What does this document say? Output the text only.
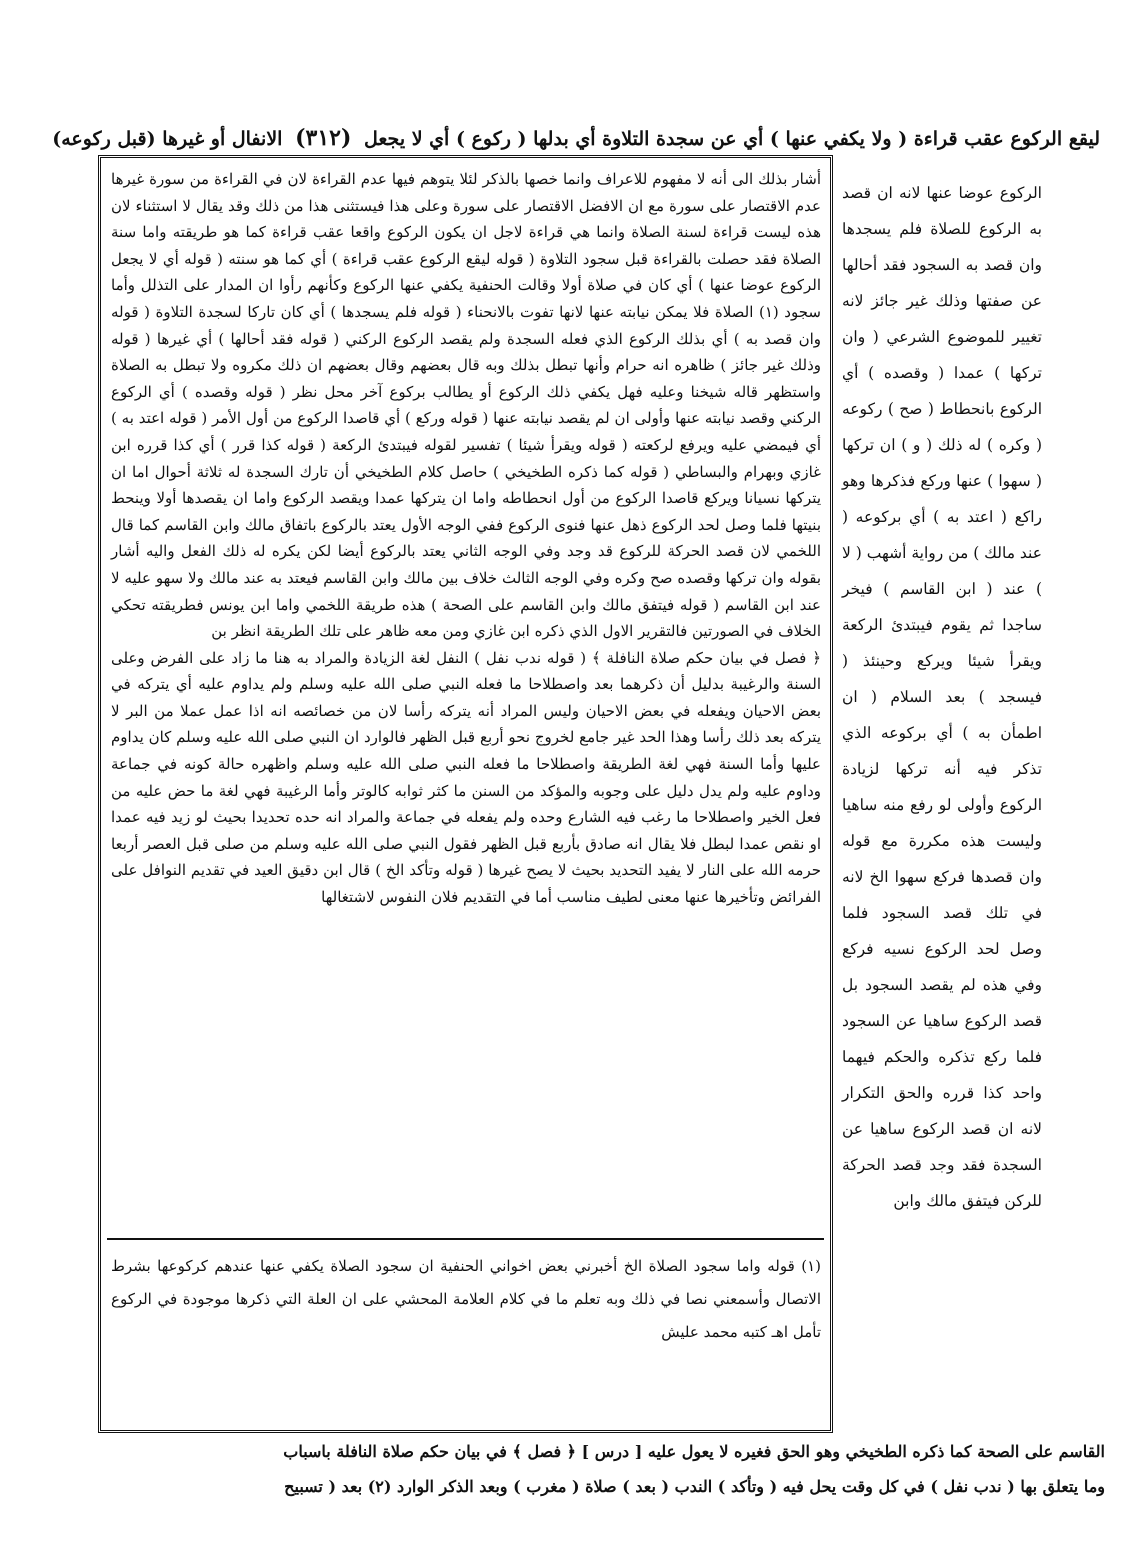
ليقع الركوع عقب قراءة ( ولا يكفي عنها ) أي عن سجدة التلاوة أي بدلها ( ركوع ) أي لا يجعل (٣١٢) الانفال أو غيرها (قبل ركوعه)
الركوع عوضا عنها لانه ان قصد به الركوع للصلاة فلم يسجدها وان قصد به السجود فقد أحالها عن صفتها وذلك غير جائز لانه تغيير للموضوع الشرعي ( وان تركها ) عمدا ( وقصده ) أي الركوع بانحطاط ( صح ) ركوعه ( وكره ) له ذلك ( و ) ان تركها ( سهوا ) عنها وركع فذكرها وهو راكع ( اعتد به ) أي بركوعه ( عند مالك ) من رواية أشهب ( لا ) عند ( ابن القاسم ) فيخر ساجدا ثم يقوم فيبتدئ الركعة ويقرأ شيئا ويركع وحينئذ ( فيسجد ) بعد السلام ( ان اطمأن به ) أي بركوعه الذي تذكر فيه أنه تركها لزيادة الركوع وأولى لو رفع منه ساهيا وليست هذه مكررة مع قوله وان قصدها فركع سهوا الخ لانه في تلك قصد السجود فلما وصل لحد الركوع نسيه فركع وفي هذه لم يقصد السجود بل قصد الركوع ساهيا عن السجود فلما ركع تذكره والحكم فيهما واحد كذا قرره والحق التكرار لانه ان قصد الركوع ساهيا عن السجدة فقد وجد قصد الحركة للركن فيتفق مالك وابن

أشار بذلك الى أنه لا مفهوم للاعراف وانما خصها بالذكر لئلا يتوهم فيها عدم القراءة لان في القراءة من سورة غيرها عدم الاقتصار على سورة مع ان الافضل الاقتصار على سورة وعلى هذا فيستثنى هذا من ذلك وقد يقال لا استثناء لان هذه ليست قراءة لسنة الصلاة وانما هي قراءة لاجل ان يكون الركوع واقعا عقب قراءة كما هو طريقته واما سنة الصلاة فقد حصلت بالقراءة قبل سجود التلاوة ( قوله ليقع الركوع عقب قراءة ) أي كما هو سنته ( قوله أي لا يجعل الركوع عوضا عنها ) أي كان في صلاة أولا وقالت الحنفية يكفي عنها الركوع وكأنهم رأوا ان المدار على التذلل وأما سجود (١) الصلاة فلا يمكن نيابته عنها لانها تفوت بالانحناء ( قوله فلم يسجدها ) أي كان تاركا لسجدة التلاوة ( قوله وان قصد به ) أي بذلك الركوع الذي فعله السجدة ولم يقصد الركوع الركني ( قوله فقد أحالها ) أي غيرها ( قوله وذلك غير جائز ) ظاهره انه حرام وأنها تبطل بذلك وبه قال بعضهم وقال بعضهم ان ذلك مكروه ولا تبطل به الصلاة واستظهر قاله شيخنا وعليه فهل يكفي ذلك الركوع أو يطالب بركوع آخر محل نظر ( قوله وقصده ) أي الركوع الركني وقصد نيابته عنها وأولى ان لم يقصد نيابته عنها ( قوله وركع ) أي قاصدا الركوع من أول الأمر ( قوله اعتد به ) أي فيمضي عليه ويرفع لركعته ( قوله ويقرأ شيئا ) تفسير لقوله فيبتدئ الركعة ( قوله كذا قرر ) أي كذا قرره ابن غازي وبهرام والبساطي ( قوله كما ذكره الطخيخي ) حاصل كلام الطخيخي أن تارك السجدة له ثلاثة أحوال اما ان يتركها نسيانا ويركع قاصدا الركوع من أول انحطاطه واما ان يتركها عمدا ويقصد الركوع واما ان يقصدها أولا وينحط بنيتها فلما وصل لحد الركوع ذهل عنها فنوى الركوع ففي الوجه الأول يعتد بالركوع باتفاق مالك وابن القاسم كما قال اللخمي لان قصد الحركة للركوع قد وجد وفي الوجه الثاني يعتد بالركوع أيضا لكن يكره له ذلك الفعل واليه أشار بقوله وان تركها وقصده صح وكره وفي الوجه الثالث خلاف بين مالك وابن القاسم فيعتد به عند مالك ولا سهو عليه لا عند ابن القاسم ( قوله فيتفق مالك وابن القاسم على الصحة ) هذه طريقة اللخمي واما ابن يونس فطريقته تحكي الخلاف في الصورتين فالتقرير الاول الذي ذكره ابن غازي ومن معه ظاهر على تلك الطريقة انظر بن

﴿ فصل في بيان حكم صلاة النافلة ﴾ ( قوله ندب نفل ) النفل لغة الزيادة والمراد به هنا ما زاد على الفرض وعلى السنة والرغيبة بدليل أن ذكرهما بعد واصطلاحا ما فعله النبي صلى الله عليه وسلم ولم يداوم عليه أي يتركه في بعض الاحيان ويفعله في بعض الاحيان وليس المراد أنه يتركه رأسا لان من خصائصه انه اذا عمل عملا من البر لا يتركه بعد ذلك رأسا وهذا الحد غير جامع لخروج نحو أربع قبل الظهر فالوارد ان النبي صلى الله عليه وسلم كان يداوم عليها وأما السنة فهي لغة الطريقة واصطلاحا ما فعله النبي صلى الله عليه وسلم واظهره حالة كونه في جماعة وداوم عليه ولم يدل دليل على وجوبه والمؤكد من السنن ما كثر ثوابه كالوتر وأما الرغيبة فهي لغة ما حض عليه من فعل الخير واصطلاحا ما رغب فيه الشارع وحده ولم يفعله في جماعة والمراد انه حده تحديدا بحيث لو زيد فيه عمدا او نقص عمدا لبطل فلا يقال انه صادق بأربع قبل الظهر فقول النبي صلى الله عليه وسلم من صلى قبل العصر أربعا حرمه الله على النار لا يفيد التحديد بحيث لا يصح غيرها ( قوله وتأكد الخ ) قال ابن دقيق العيد في تقديم النوافل على الفرائض وتأخيرها عنها معنى لطيف مناسب أما في التقديم فلان النفوس لاشتغالها

(١) قوله واما سجود الصلاة الخ أخبرني بعض اخواني الحنفية ان سجود الصلاة يكفي عنها عندهم كركوعها بشرط الاتصال وأسمعني نصا في ذلك وبه تعلم ما في كلام العلامة المحشي على ان العلة التي ذكرها موجودة في الركوع تأمل اهـ كتبه محمد عليش
القاسم على الصحة كما ذكره الطخيخي وهو الحق فغيره لا يعول عليه [ درس ] ﴿ فصل ﴾ في بيان حكم صلاة النافلة باسباب
وما يتعلق بها ( ندب نفل ) في كل وقت يحل فيه ( وتأكد ) الندب ( بعد ) صلاة ( مغرب ) وبعد الذكر الوارد (٢) بعد ( تسبيح
